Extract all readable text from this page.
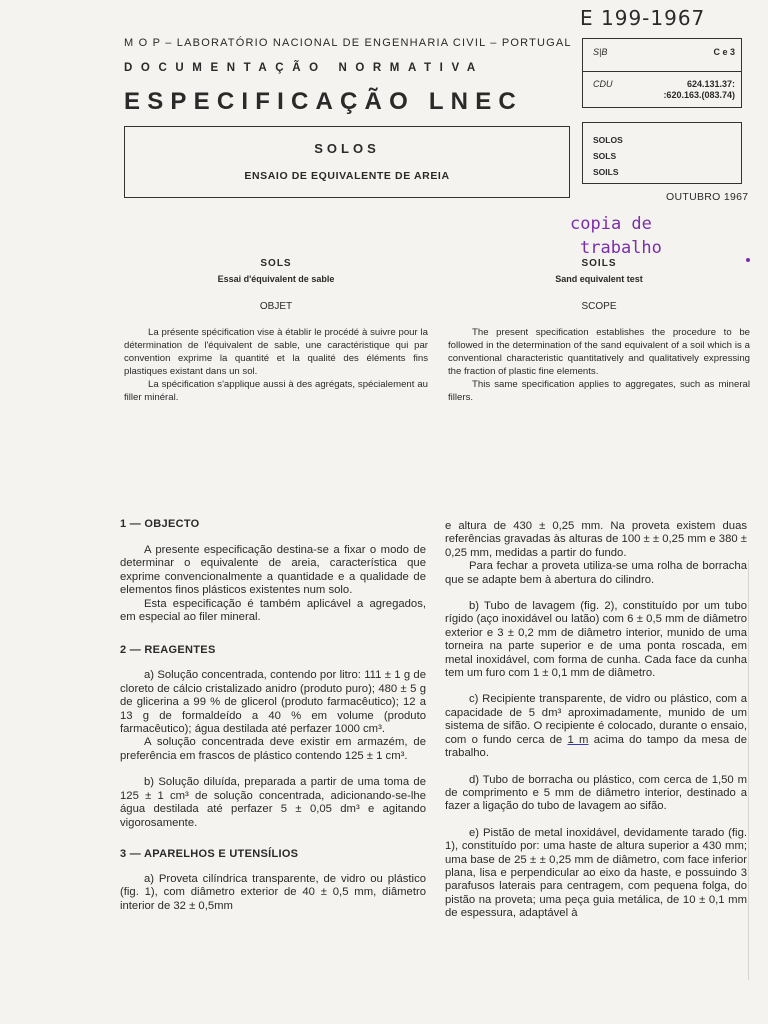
E 199-1967
M O P – LABORATÓRIO NACIONAL DE ENGENHARIA CIVIL – PORTUGAL
DOCUMENTAÇÃO NORMATIVA
ESPECIFICAÇÃO LNEC
SOLOS
ENSAIO DE EQUIVALENTE DE AREIA
S|B	C e 3
CDU	624.131.37:
:620.163.(083.74)
SOLOS
SOLS
SOILS
OUTUBRO 1967
copia de
trabalho
SOLS
Essai d'équivalent de sable
OBJET

La présente spécification vise à établir le procédé à suivre pour la détermination de l'équivalent de sable, une caractéristique qui par convention exprime la quantité et la qualité des éléments fins plastiques existant dans un sol.

La spécification s'applique aussi à des agrégats, spécialement au filler minéral.

SOILS
Sand equivalent test
SCOPE

The present specification establishes the procedure to be followed in the determination of the sand equivalent of a soil which is a conventional characteristic quantitatively and qualitatively expressing the fraction of plastic fine elements.

This same specification applies to aggregates, such as mineral fillers.

1 — OBJECTO

A presente especificação destina-se a fixar o modo de determinar o equivalente de areia, característica que exprime convencionalmente a quantidade e a qualidade de elementos finos plásticos existentes num solo.

Esta especificação é também aplicável a agregados, em especial ao filer mineral.

2 — REAGENTES

a) Solução concentrada, contendo por litro: 111 ± 1 g de cloreto de cálcio cristalizado anidro (produto puro); 480 ± 5 g de glicerina a 99 % de glicerol (produto farmacêutico); 12 a 13 g de formaldeído a 40 % em volume (produto farmacêutico); água destilada até perfazer 1000 cm³.

A solução concentrada deve existir em armazém, de preferência em frascos de plástico contendo 125 ± 1 cm³.

b) Solução diluída, preparada a partir de uma toma de 125 ± 1 cm³ de solução concentrada, adicionando-se-lhe água destilada até perfazer 5 ± 0,05 dm³ e agitando vigorosamente.

3 — APARELHOS E UTENSÍLIOS

a) Proveta cilíndrica transparente, de vidro ou plástico (fig. 1), com diâmetro exterior de 40 ± 0,5 mm, diâmetro interior de 32 ± 0,5mm

e altura de 430 ± 0,25 mm. Na proveta existem duas referências gravadas às alturas de 100 ± ± 0,25 mm e 380 ± 0,25 mm, medidas a partir do fundo.

Para fechar a proveta utiliza-se uma rolha de borracha que se adapte bem à abertura do cilindro.

b) Tubo de lavagem (fig. 2), constituído por um tubo rígido (aço inoxidável ou latão) com 6 ± 0,5 mm de diâmetro exterior e 3 ± 0,2 mm de diâmetro interior, munido de uma torneira na parte superior e de uma ponta roscada, em metal inoxidável, com forma de cunha. Cada face da cunha tem um furo com 1 ± 0,1 mm de diâmetro.

c) Recipiente transparente, de vidro ou plástico, com a capacidade de 5 dm³ aproximadamente, munido de um sistema de sifão. O recipiente é colocado, durante o ensaio, com o fundo cerca de 1 m acima do tampo da mesa de trabalho.

d) Tubo de borracha ou plástico, com cerca de 1,50 m de comprimento e 5 mm de diâmetro interior, destinado a fazer a ligação do tubo de lavagem ao sifão.

e) Pistão de metal inoxidável, devidamente tarado (fig. 1), constituído por: uma haste de altura superior a 430 mm; uma base de 25 ± ± 0,25 mm de diâmetro, com face inferior plana, lisa e perpendicular ao eixo da haste, e possuindo 3 parafusos laterais para centragem, com pequena folga, do pistão na proveta; uma peça guia metálica, de 10 ± 0,1 mm de espessura, adaptável à
